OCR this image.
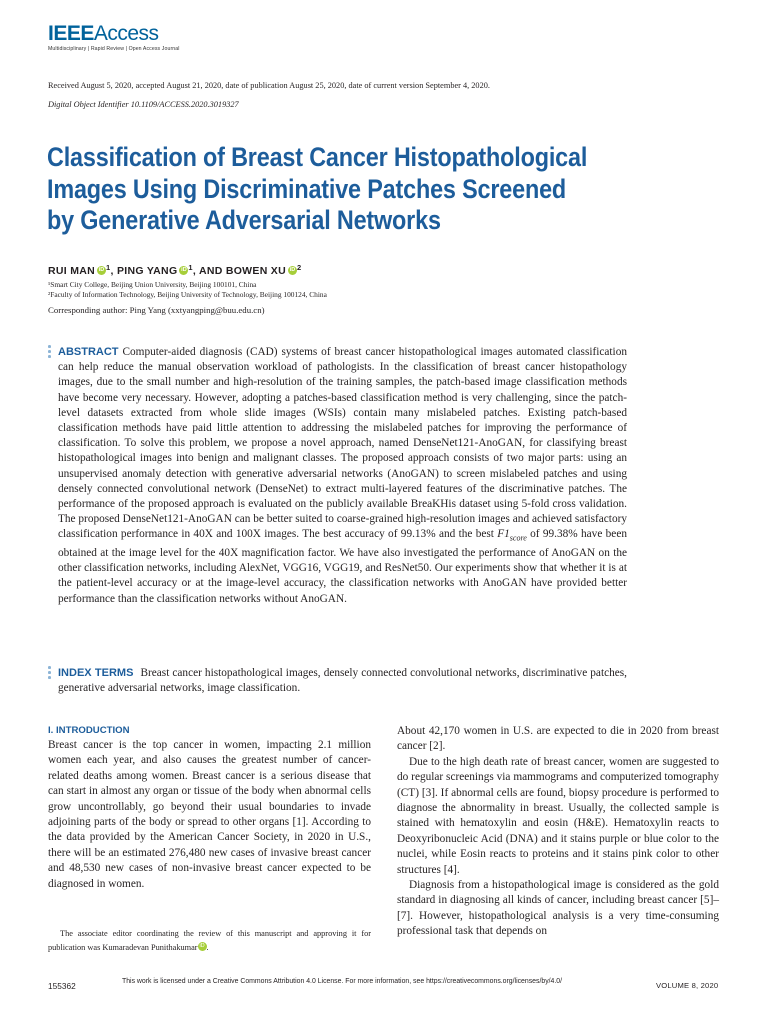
IEEEAccess
Multidisciplinary | Rapid Review | Open Access Journal
Received August 5, 2020, accepted August 21, 2020, date of publication August 25, 2020, date of current version September 4, 2020.
Digital Object Identifier 10.1109/ACCESS.2020.3019327
Classification of Breast Cancer Histopathological
Images Using Discriminative Patches Screened
by Generative Adversarial Networks
RUI MAN iD $^1$, PING YANG iD $^1$, AND BOWEN XU iD $^2$
¹Smart City College, Beijing Union University, Beijing 100101, China
²Faculty of Information Technology, Beijing University of Technology, Beijing 100124, China
Corresponding author: Ping Yang (xxtyangping@buu.edu.cn)
ABSTRACT Computer-aided diagnosis (CAD) systems of breast cancer histopathological images automated classification can help reduce the manual observation workload of pathologists. In the classification of breast cancer histopathology images, due to the small number and high-resolution of the training samples, the patch-based image classification methods have become very necessary. However, adopting a patches-based classification method is very challenging, since the patch-level datasets extracted from whole slide images (WSIs) contain many mislabeled patches. Existing patch-based classification methods have paid little attention to addressing the mislabeled patches for improving the performance of classification. To solve this problem, we propose a novel approach, named DenseNet121-AnoGAN, for classifying breast histopathological images into benign and malignant classes. The proposed approach consists of two major parts: using an unsupervised anomaly detection with generative adversarial networks (AnoGAN) to screen mislabeled patches and using densely connected convolutional network (DenseNet) to extract multi-layered features of the discriminative patches. The performance of the proposed approach is evaluated on the publicly available BreaKHis dataset using 5-fold cross validation. The proposed DenseNet121-AnoGAN can be better suited to coarse-grained high-resolution images and achieved satisfactory classification performance in 40X and 100X images. The best accuracy of 99.13% and the best $F1_{score}$ of 99.38% have been obtained at the image level for the 40X magnification factor. We have also investigated the performance of AnoGAN on the other classification networks, including AlexNet, VGG16, VGG19, and ResNet50. Our experiments show that whether it is at the patient-level accuracy or at the image-level accuracy, the classification networks with AnoGAN have provided better performance than the classification networks without AnoGAN.
INDEX TERMS Breast cancer histopathological images, densely connected convolutional networks, discriminative patches, generative adversarial networks, image classification.
I. INTRODUCTION

Breast cancer is the top cancer in women, impacting 2.1 million women each year, and also causes the greatest number of cancer-related deaths among women. Breast cancer is a serious disease that can start in almost any organ or tissue of the body when abnormal cells grow uncontrollably, go beyond their usual boundaries to invade adjoining parts of the body or spread to other organs [1]. According to the data provided by the American Cancer Society, in 2020 in U.S., there will be an estimated 276,480 new cases of invasive breast cancer and 48,530 new cases of non-invasive breast cancer expected to be diagnosed in women.

About 42,170 women in U.S. are expected to die in 2020 from breast cancer [2].

Due to the high death rate of breast cancer, women are suggested to do regular screenings via mammograms and computerized tomography (CT) [3]. If abnormal cells are found, biopsy procedure is performed to diagnose the abnormality in breast. Usually, the collected sample is stained with hematoxylin and eosin (H&E). Hematoxylin reacts to Deoxyribonucleic Acid (DNA) and it stains purple or blue color to the nuclei, while Eosin reacts to proteins and it stains pink color to other structures [4].

Diagnosis from a histopathological image is considered as the gold standard in diagnosing all kinds of cancer, including breast cancer [5]–[7]. However, histopathological analysis is a very time-consuming professional task that depends on

The associate editor coordinating the review of this manuscript and approving it for publication was Kumaradevan Punithakumar iD .
155362	This work is licensed under a Creative Commons Attribution 4.0 License. For more information, see https://creativecommons.org/licenses/by/4.0/	VOLUME 8, 2020
